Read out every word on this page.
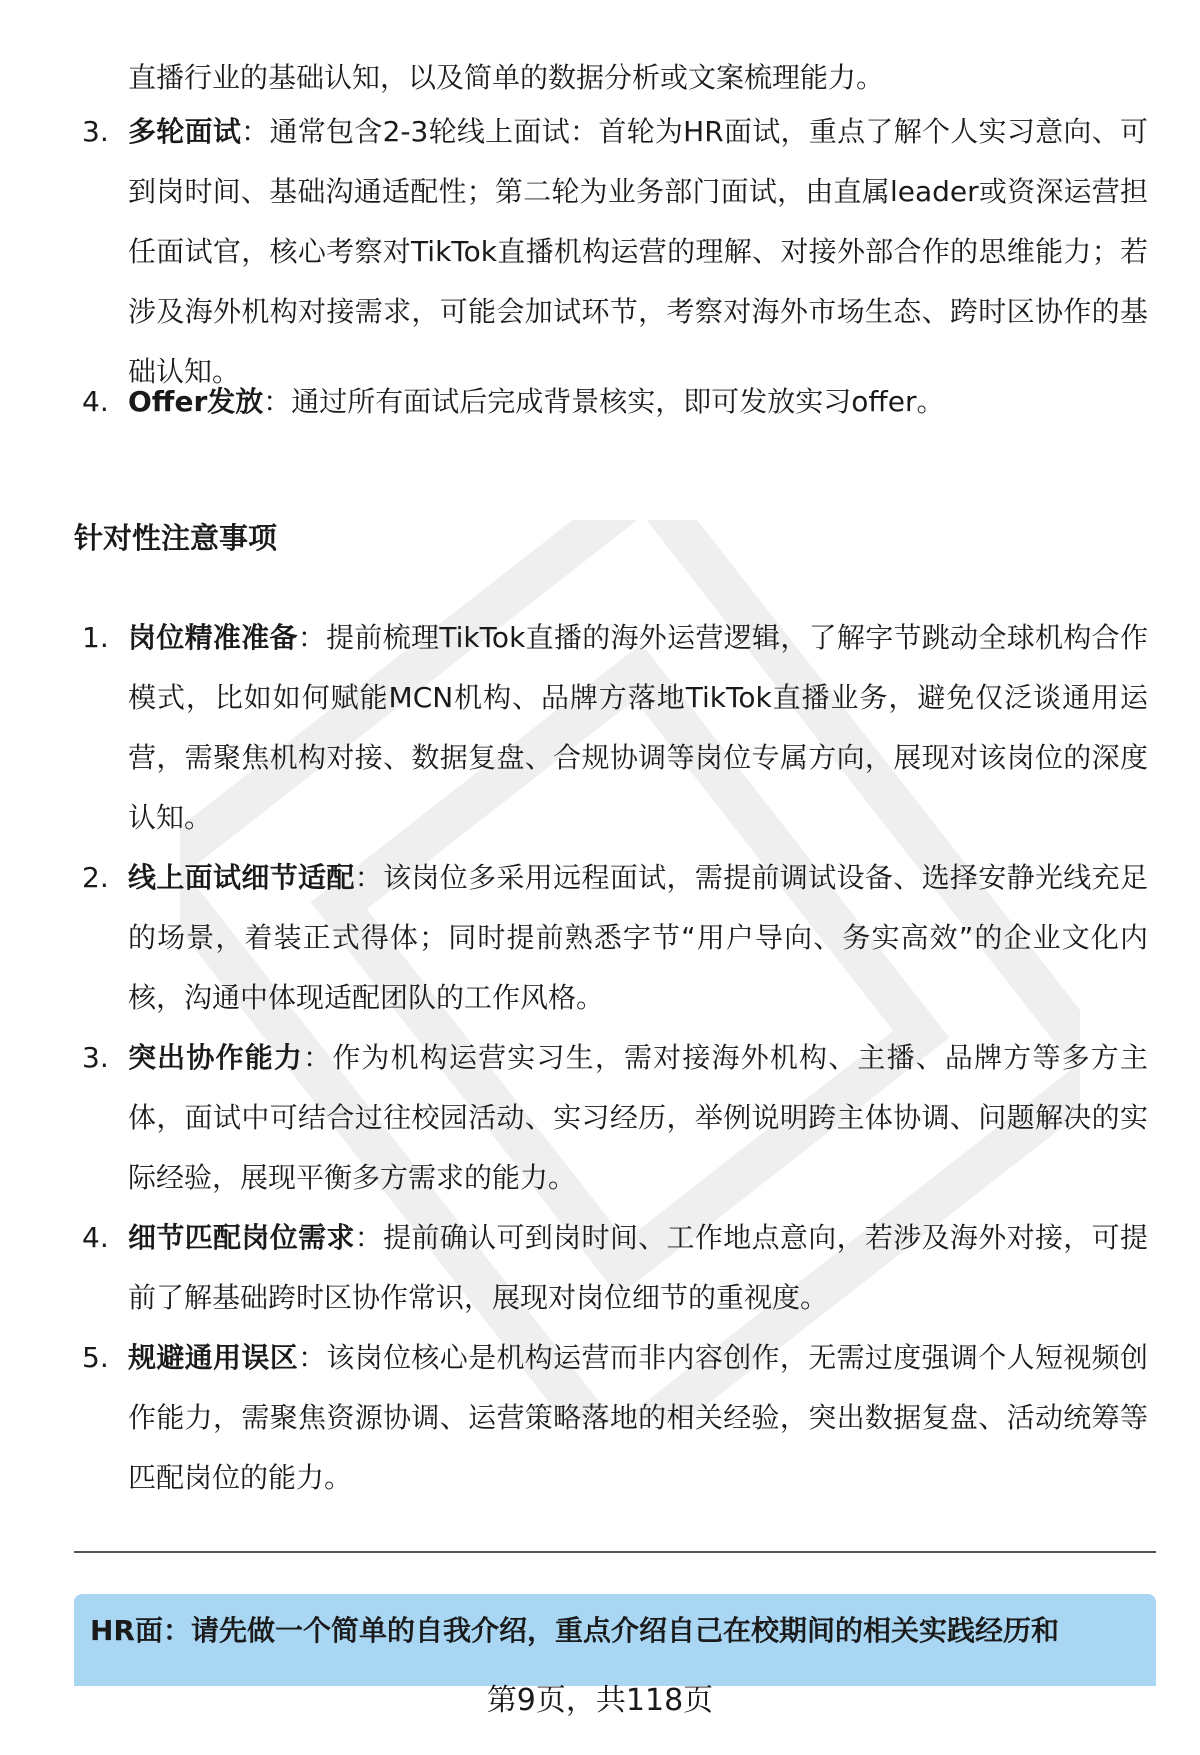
直播行业的基础认知，以及简单的数据分析或文案梳理能力。
3. 多轮面试：通常包含2-3轮线上面试：首轮为HR面试，重点了解个人实习意向、可到岗时间、基础沟通适配性；第二轮为业务部门面试，由直属leader或资深运营担任面试官，核心考察对TikTok直播机构运营的理解、对接外部合作的思维能力；若涉及海外机构对接需求，可能会加试环节，考察对海外市场生态、跨时区协作的基础认知。
4. Offer发放：通过所有面试后完成背景核实，即可发放实习offer。
针对性注意事项
1. 岗位精准准备：提前梳理TikTok直播的海外运营逻辑，了解字节跳动全球机构合作模式，比如如何赋能MCN机构、品牌方落地TikTok直播业务，避免仅泛谈通用运营，需聚焦机构对接、数据复盘、合规协调等岗位专属方向，展现对该岗位的深度认知。
2. 线上面试细节适配：该岗位多采用远程面试，需提前调试设备、选择安静光线充足的场景，着装正式得体；同时提前熟悉字节“用户导向、务实高效”的企业文化内核，沟通中体现适配团队的工作风格。
3. 突出协作能力：作为机构运营实习生，需对接海外机构、主播、品牌方等多方主体，面试中可结合过往校园活动、实习经历，举例说明跨主体协调、问题解决的实际经验，展现平衡多方需求的能力。
4. 细节匹配岗位需求：提前确认可到岗时间、工作地点意向，若涉及海外对接，可提前了解基础跨时区协作常识，展现对岗位细节的重视度。
5. 规避通用误区：该岗位核心是机构运营而非内容创作，无需过度强调个人短视频创作能力，需聚焦资源协调、运营策略落地的相关经验，突出数据复盘、活动统筹等匹配岗位的能力。
HR面：请先做一个简单的自我介绍，重点介绍自己在校期间的相关实践经历和
第9页，共118页
